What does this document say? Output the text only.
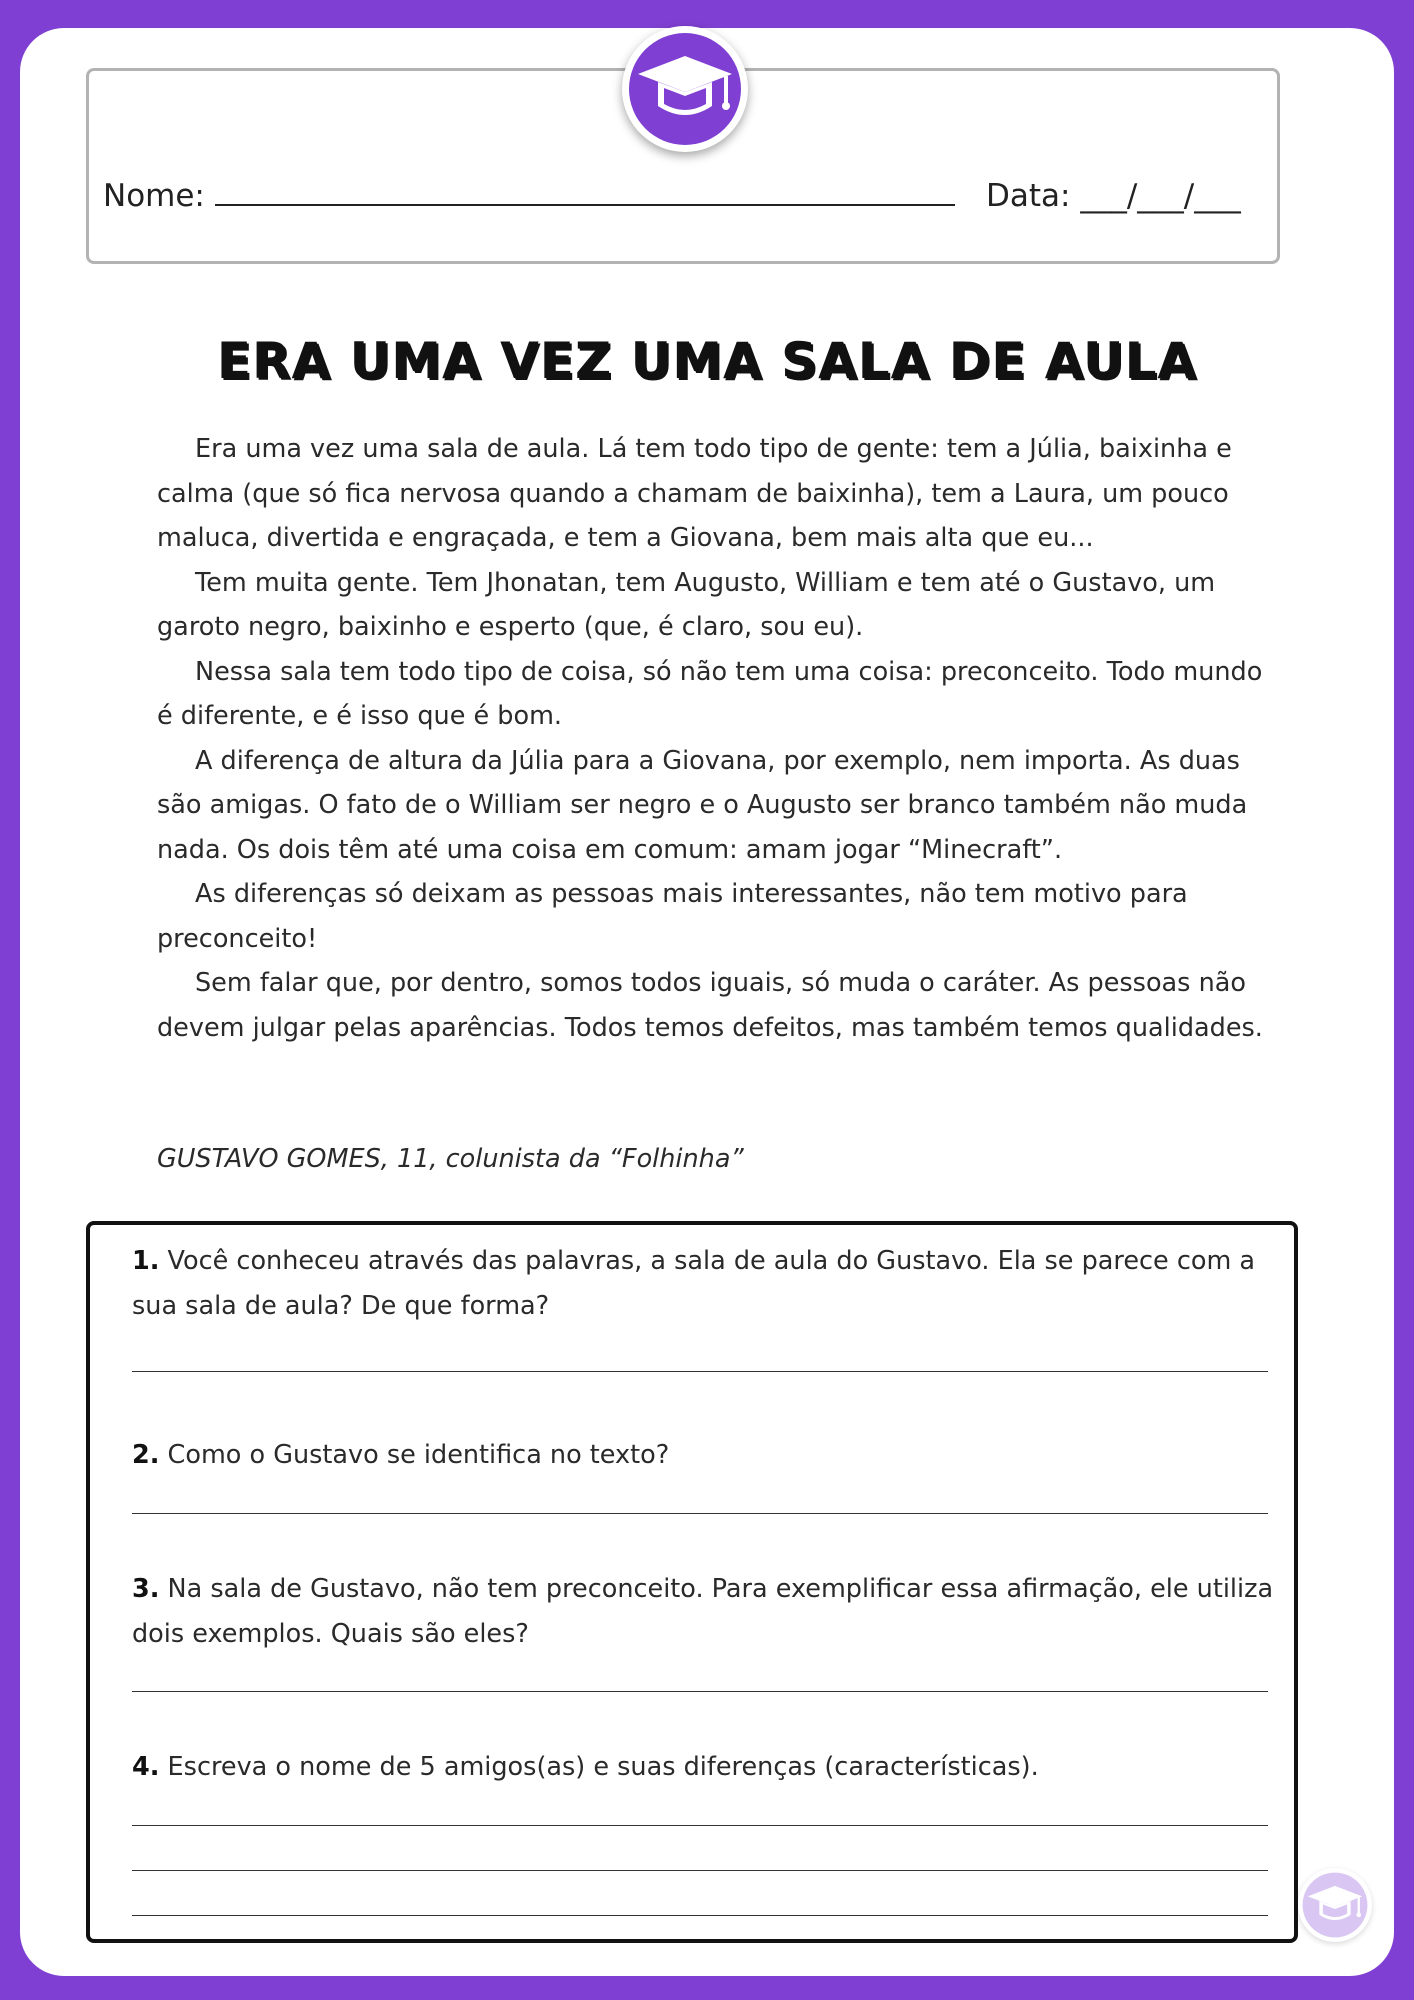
Nome:	Data: ___/___/___
ERA UMA VEZ UMA SALA DE AULA

Era uma vez uma sala de aula. Lá tem todo tipo de gente: tem a Júlia, baixinha e calma (que só fica nervosa quando a chamam de baixinha), tem a Laura, um pouco maluca, divertida e engraçada, e tem a Giovana, bem mais alta que eu...

Tem muita gente. Tem Jhonatan, tem Augusto, William e tem até o Gustavo, um garoto negro, baixinho e esperto (que, é claro, sou eu).

Nessa sala tem todo tipo de coisa, só não tem uma coisa: preconceito. Todo mundo é diferente, e é isso que é bom.

A diferença de altura da Júlia para a Giovana, por exemplo, nem importa. As duas são amigas. O fato de o William ser negro e o Augusto ser branco também não muda nada. Os dois têm até uma coisa em comum: amam jogar “Minecraft”.

As diferenças só deixam as pessoas mais interessantes, não tem motivo para preconceito!

Sem falar que, por dentro, somos todos iguais, só muda o caráter. As pessoas não devem julgar pelas aparências. Todos temos defeitos, mas também temos qualidades.

GUSTAVO GOMES, 11, colunista da “Folhinha”
1. Você conheceu através das palavras, a sala de aula do Gustavo. Ela se parece com a sua sala de aula? De que forma?
2. Como o Gustavo se identifica no texto?
3. Na sala de Gustavo, não tem preconceito. Para exemplificar essa afirmação, ele utiliza dois exemplos. Quais são eles?
4. Escreva o nome de 5 amigos(as) e suas diferenças (características).
